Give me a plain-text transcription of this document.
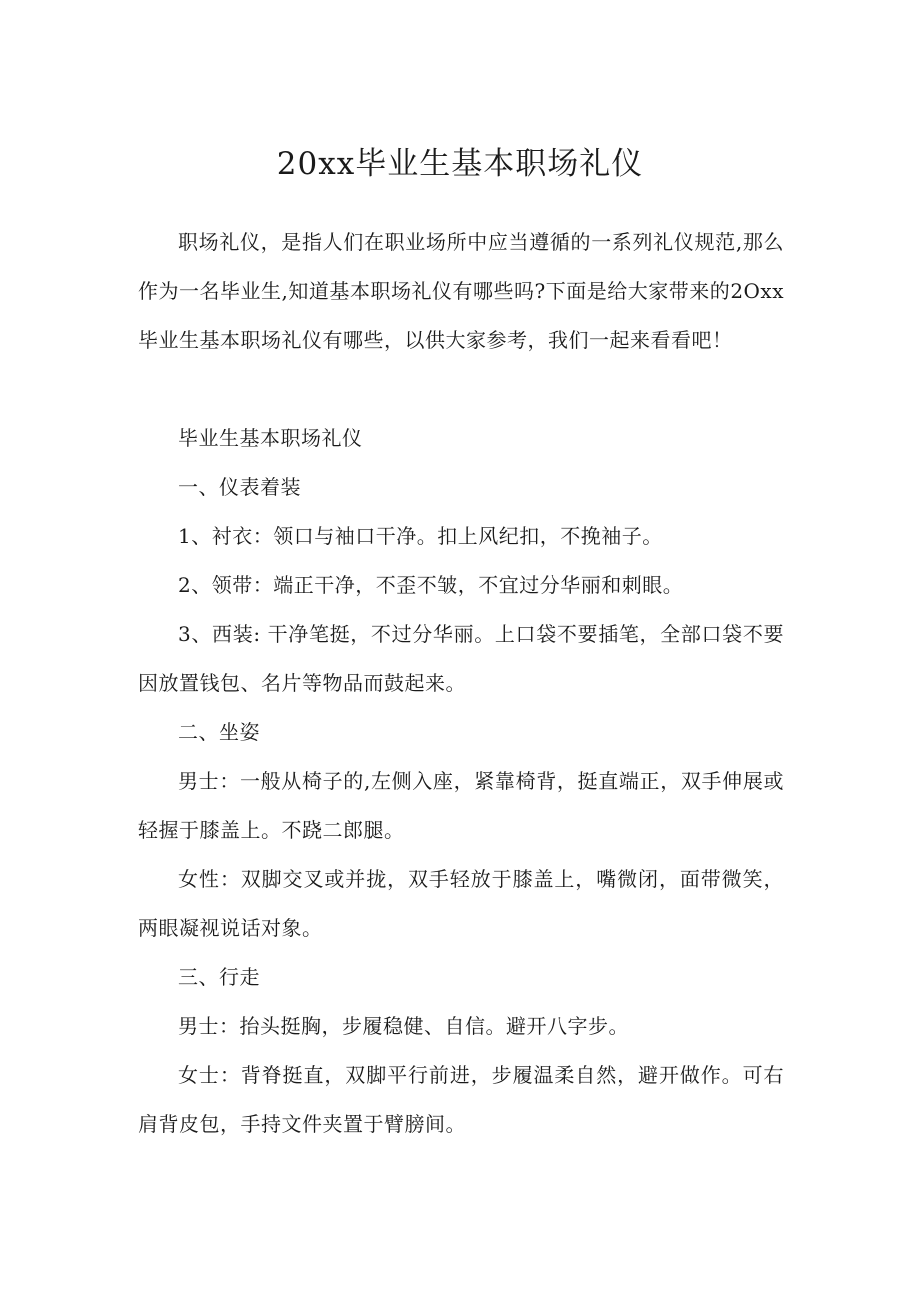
20xx毕业生基本职场礼仪

职场礼仪，是指人们在职业场所中应当遵循的一系列礼仪规范,那么作为一名毕业生,知道基本职场礼仪有哪些吗?下面是给大家带来的2Oxx毕业生基本职场礼仪有哪些，以供大家参考，我们一起来看看吧！

毕业生基本职场礼仪

一、仪表着装

1、衬衣：领口与袖口干净。扣上风纪扣，不挽袖子。

2、领带：端正干净，不歪不皱，不宜过分华丽和刺眼。

3、西装: 干净笔挺，不过分华丽。上口袋不要插笔，全部口袋不要因放置钱包、名片等物品而鼓起来。

二、坐姿

男士：一般从椅子的,左侧入座，紧靠椅背，挺直端正，双手伸展或轻握于膝盖上。不跷二郎腿。

女性：双脚交叉或并拢，双手轻放于膝盖上，嘴微闭，面带微笑，两眼凝视说话对象。

三、行走

男士：抬头挺胸，步履稳健、自信。避开八字步。

女士：背脊挺直，双脚平行前进，步履温柔自然，避开做作。可右肩背皮包，手持文件夹置于臂膀间。
